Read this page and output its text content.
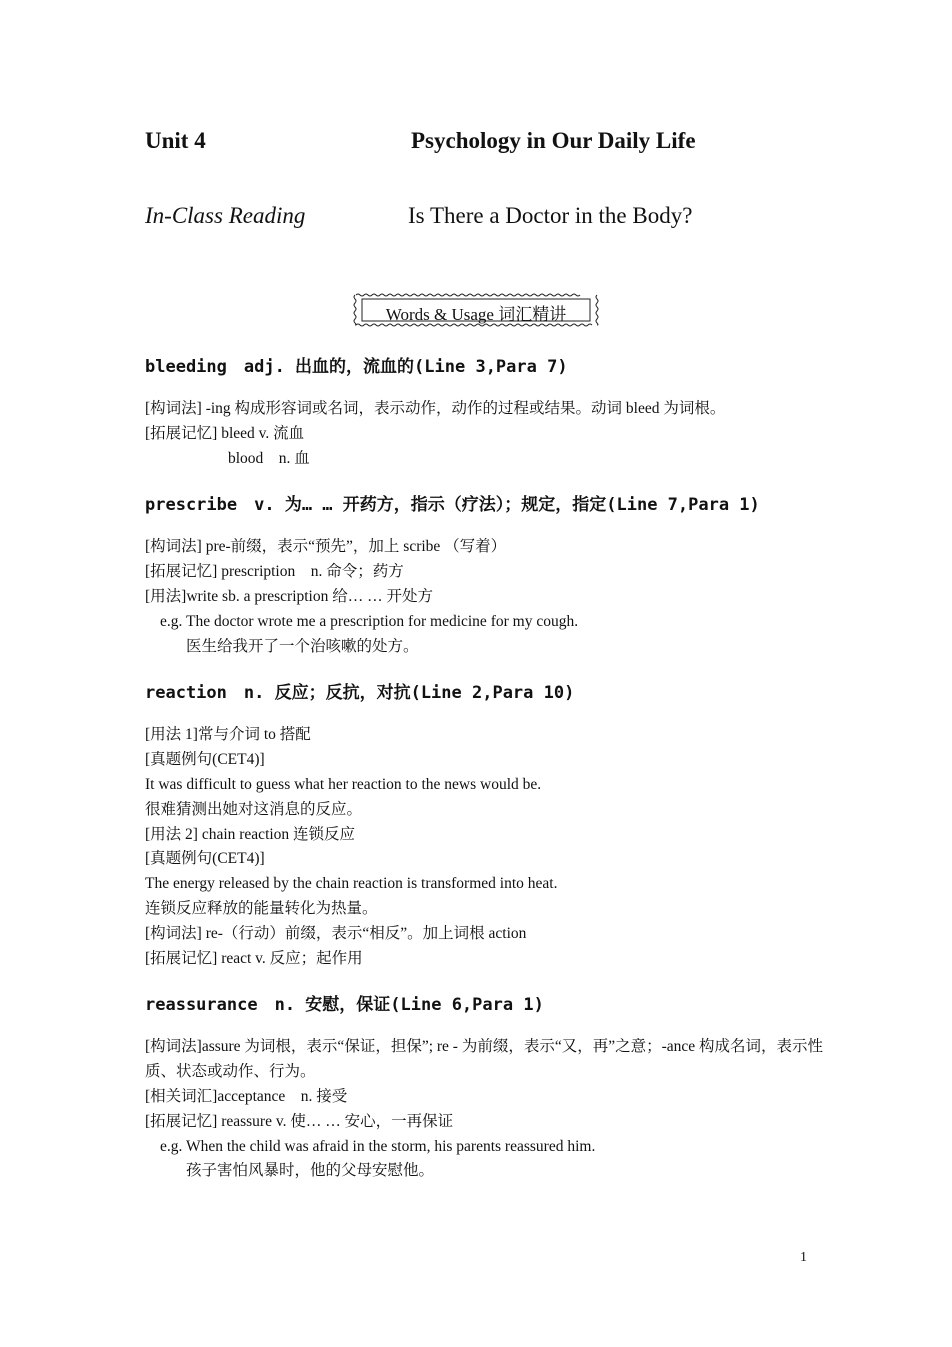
Unit 4	Psychology in Our Daily Life
In-Class Reading	Is There a Doctor in the Body?
Words & Usage 词汇精讲

bleeding　adj. 出血的，流血的(Line 3,Para 7)

[构词法] -ing 构成形容词或名词，表示动作，动作的过程或结果。动词 bleed 为词根。

[拓展记忆] bleed v. 流血

blood　n. 血

prescribe　v. 为… … 开药方，指示（疗法）；规定，指定(Line 7,Para 1)

[构词法] pre-前缀，表示“预先”，加上 scribe （写着）

[拓展记忆] prescription　n. 命令；药方

[用法]write sb. a prescription 给… … 开处方

e.g. The doctor wrote me a prescription for medicine for my cough.

医生给我开了一个治咳嗽的处方。

reaction　n. 反应；反抗，对抗(Line 2,Para 10)

[用法 1]常与介词 to 搭配

[真题例句(CET4)]

It was difficult to guess what her reaction to the news would be.

很难猜测出她对这消息的反应。

[用法 2] chain reaction 连锁反应

[真题例句(CET4)]

The energy released by the chain reaction is transformed into heat.

连锁反应释放的能量转化为热量。

[构词法] re-（行动）前缀，表示“相反”。加上词根 action

[拓展记忆] react v. 反应；起作用

reassurance　n. 安慰，保证(Line 6,Para 1)

[构词法]assure 为词根，表示“保证，担保”; re - 为前缀，表示“又，再”之意；-ance 构成名词，表示性质、状态或动作、行为。

[相关词汇]acceptance　n. 接受

[拓展记忆] reassure v. 使… … 安心，一再保证

e.g. When the child was afraid in the storm, his parents reassured him.

孩子害怕风暴时，他的父母安慰他。

1
